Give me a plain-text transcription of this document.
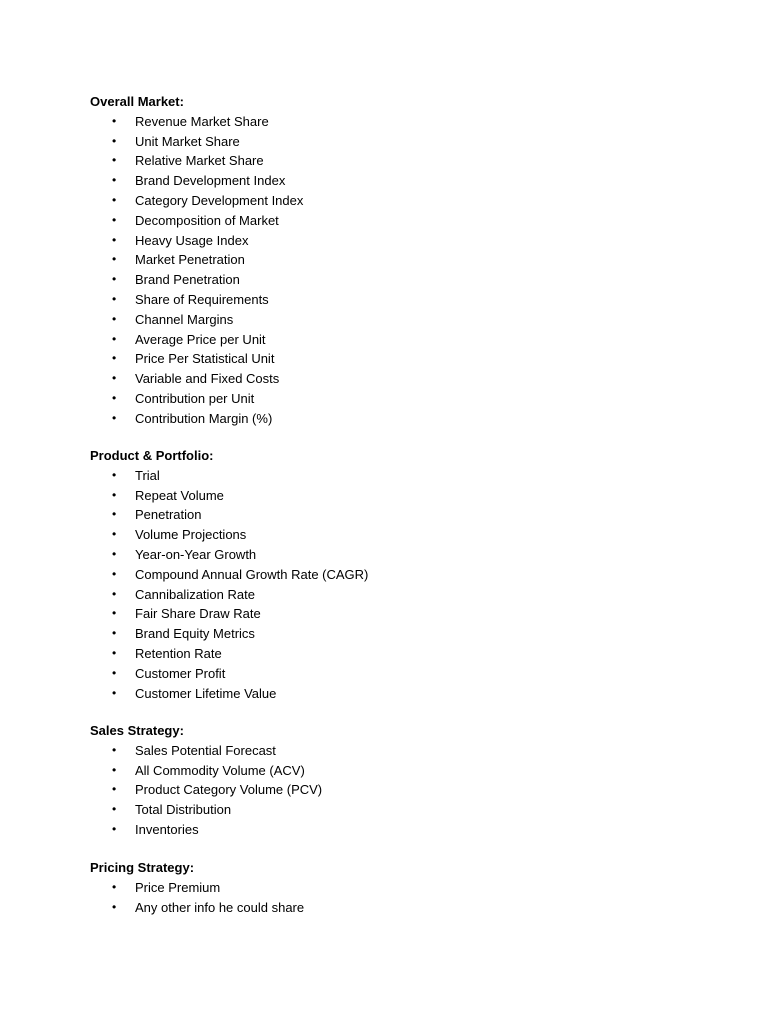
Overall Market:
• Revenue Market Share
• Unit Market Share
• Relative Market Share
• Brand Development Index
• Category Development Index
• Decomposition of Market
• Heavy Usage Index
• Market Penetration
• Brand Penetration
• Share of Requirements
• Channel Margins
• Average Price per Unit
• Price Per Statistical Unit
• Variable and Fixed Costs
• Contribution per Unit
• Contribution Margin (%)
Product & Portfolio:
• Trial
• Repeat Volume
• Penetration
• Volume Projections
• Year-on-Year Growth
• Compound Annual Growth Rate (CAGR)
• Cannibalization Rate
• Fair Share Draw Rate
• Brand Equity Metrics
• Retention Rate
• Customer Profit
• Customer Lifetime Value
Sales Strategy:
• Sales Potential Forecast
• All Commodity Volume (ACV)
• Product Category Volume (PCV)
• Total Distribution
• Inventories
Pricing Strategy:
• Price Premium
• Any other info he could share
